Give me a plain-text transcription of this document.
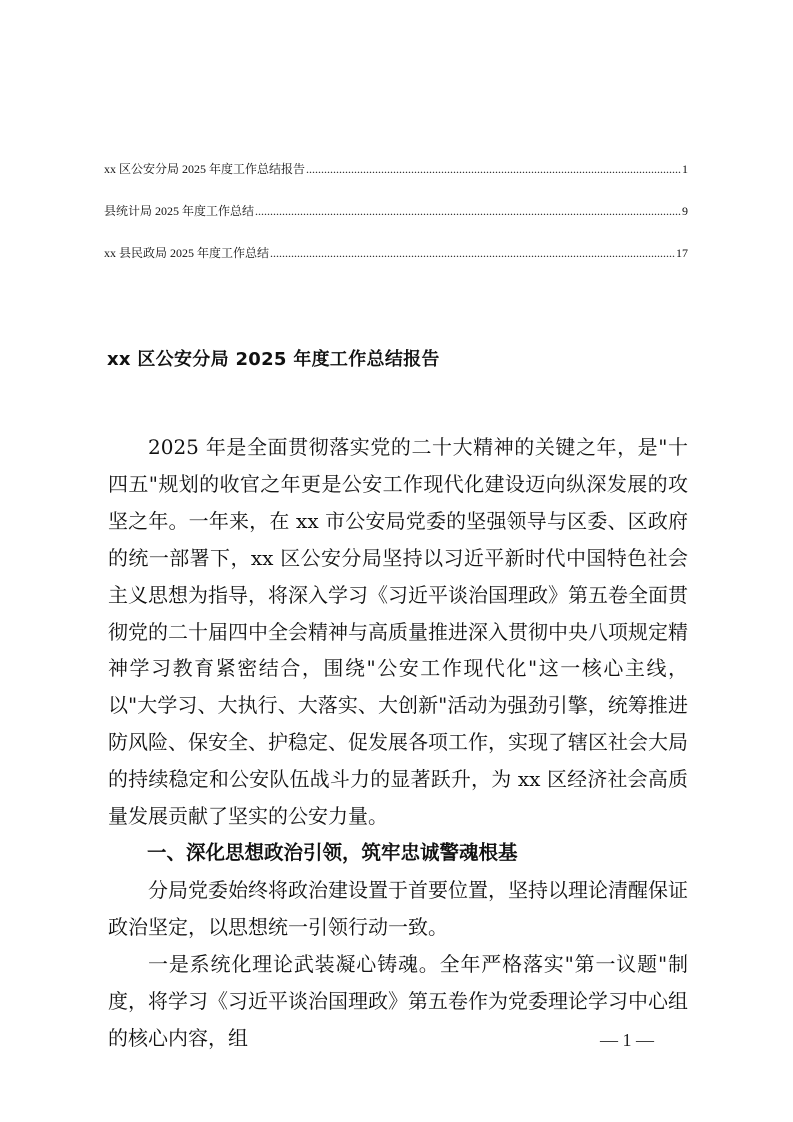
xx 区公安分局 2025 年度工作总结报告 .....	1
县统计局 2025 年度工作总结 .....	9
xx 县民政局 2025 年度工作总结 .....	17
xx 区公安分局 2025 年度工作总结报告

2025 年是全面贯彻落实党的二十大精神的关键之年，是"十四五"规划的收官之年更是公安工作现代化建设迈向纵深发展的攻坚之年。一年来，在 xx 市公安局党委的坚强领导与区委、区政府的统一部署下，xx 区公安分局坚持以习近平新时代中国特色社会主义思想为指导，将深入学习《习近平谈治国理政》第五卷全面贯彻党的二十届四中全会精神与高质量推进深入贯彻中央八项规定精神学习教育紧密结合，围绕"公安工作现代化"这一核心主线，以"大学习、大执行、大落实、大创新"活动为强劲引擎，统筹推进防风险、保安全、护稳定、促发展各项工作，实现了辖区社会大局的持续稳定和公安队伍战斗力的显著跃升，为 xx 区经济社会高质量发展贡献了坚实的公安力量。

一、深化思想政治引领，筑牢忠诚警魂根基

分局党委始终将政治建设置于首要位置，坚持以理论清醒保证政治坚定，以思想统一引领行动一致。

一是系统化理论武装凝心铸魂。全年严格落实"第一议题"制度，将学习《习近平谈治国理政》第五卷作为党委理论学习中心组的核心内容，组	— 1 —
